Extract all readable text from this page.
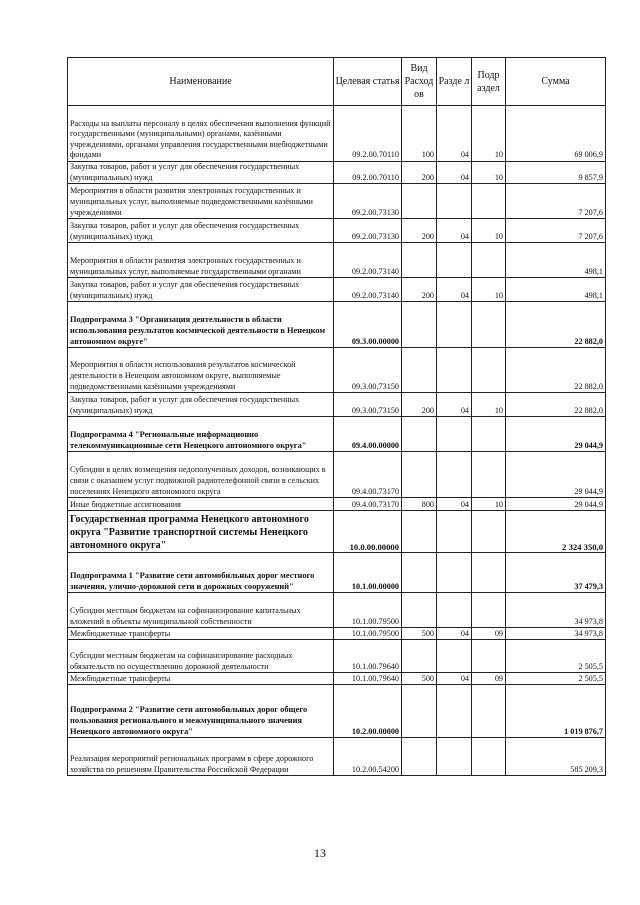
Наименование	Целевая статья	Вид Расход ов	Разде л	Подр аздел	Сумма
Расходы на выплаты персоналу в целях обеспечения выполнения функций государственными (муниципальными) органами, казёнными учреждениями, органами управления государственными внебюджетными фондами	09.2.00.70110	100	04	10	69 006,9
Закупка товаров, работ и услуг для обеспечения государственных (муниципальных) нужд	09.2.00.70110	200	04	10	9 857,9
Мероприятия в области развития электронных государственных и муниципальных услуг, выполняемые подведомственными казёнными учреждениями	09.2.00.73130				7 207,6
Закупка товаров, работ и услуг для обеспечения государственных (муниципальных) нужд	09.2.00.73130	200	04	10	7 207,6
Мероприятия в области развития электронных государственных и муниципальных услуг, выполняемые государственными органами	09.2.00.73140				498,1
Закупка товаров, работ и услуг для обеспечения государственных (муниципальных) нужд	09.2.00.73140	200	04	10	498,1
Подпрограмма 3 "Организация деятельности в области использования результатов космической деятельности в Ненецком автономном округе"	09.3.00.00000				22 882,0
Мероприятия в области использования результатов космической деятельности в Ненецком автономном округе, выполняемые подведомственными казёнными учреждениями	09.3.00.73150				22 882,0
Закупка товаров, работ и услуг для обеспечения государственных (муниципальных) нужд	09.3.00.73150	200	04	10	22 882,0
Подпрограмма 4 "Региональные информационно телекоммуникационные сети Ненецкого автономного округа"	09.4.00.00000				29 044,9
Субсидии в целях возмещения недополученных доходов, возникающих в связи с оказанием услуг подвижной радиотелефонной связи в сельских поселениях Ненецкого автономного округа	09.4.00.73170				29 044,9
Иные бюджетные ассигнования	09.4.00.73170	800	04	10	29 044,9
Государственная программа Ненецкого автономного округа "Развитие транспортной системы Ненецкого автономного округа"	10.0.00.00000				2 324 350,0
Подпрограмма 1 "Развитие сети автомобильных дорог местного значения, улично-дорожной сети и дорожных сооружений"	10.1.00.00000				37 479,3
Субсидии местным бюджетам на софинансирование капитальных вложений в объекты муниципальной собственности	10.1.00.79500				34 973,8
Межбюджетные трансферты	10.1.00.79500	500	04	09	34 973,8
Субсидии местным бюджетам на софинансирование расходных обязательств по осуществлению дорожной деятельности	10.1.00.79640				2 505,5
Межбюджетные трансферты	10.1.00.79640	500	04	09	2 505,5
Подпрограмма 2 "Развитие сети автомобильных дорог общего пользования регионального и межмуниципального значения Ненецкого автономного округа"	10.2.00.00000				1 019 876,7
Реализация мероприятий региональных программ в сфере дорожного хозяйства по решениям Правительства Российской Федерации	10.2.00.54200				585 209,3
13
